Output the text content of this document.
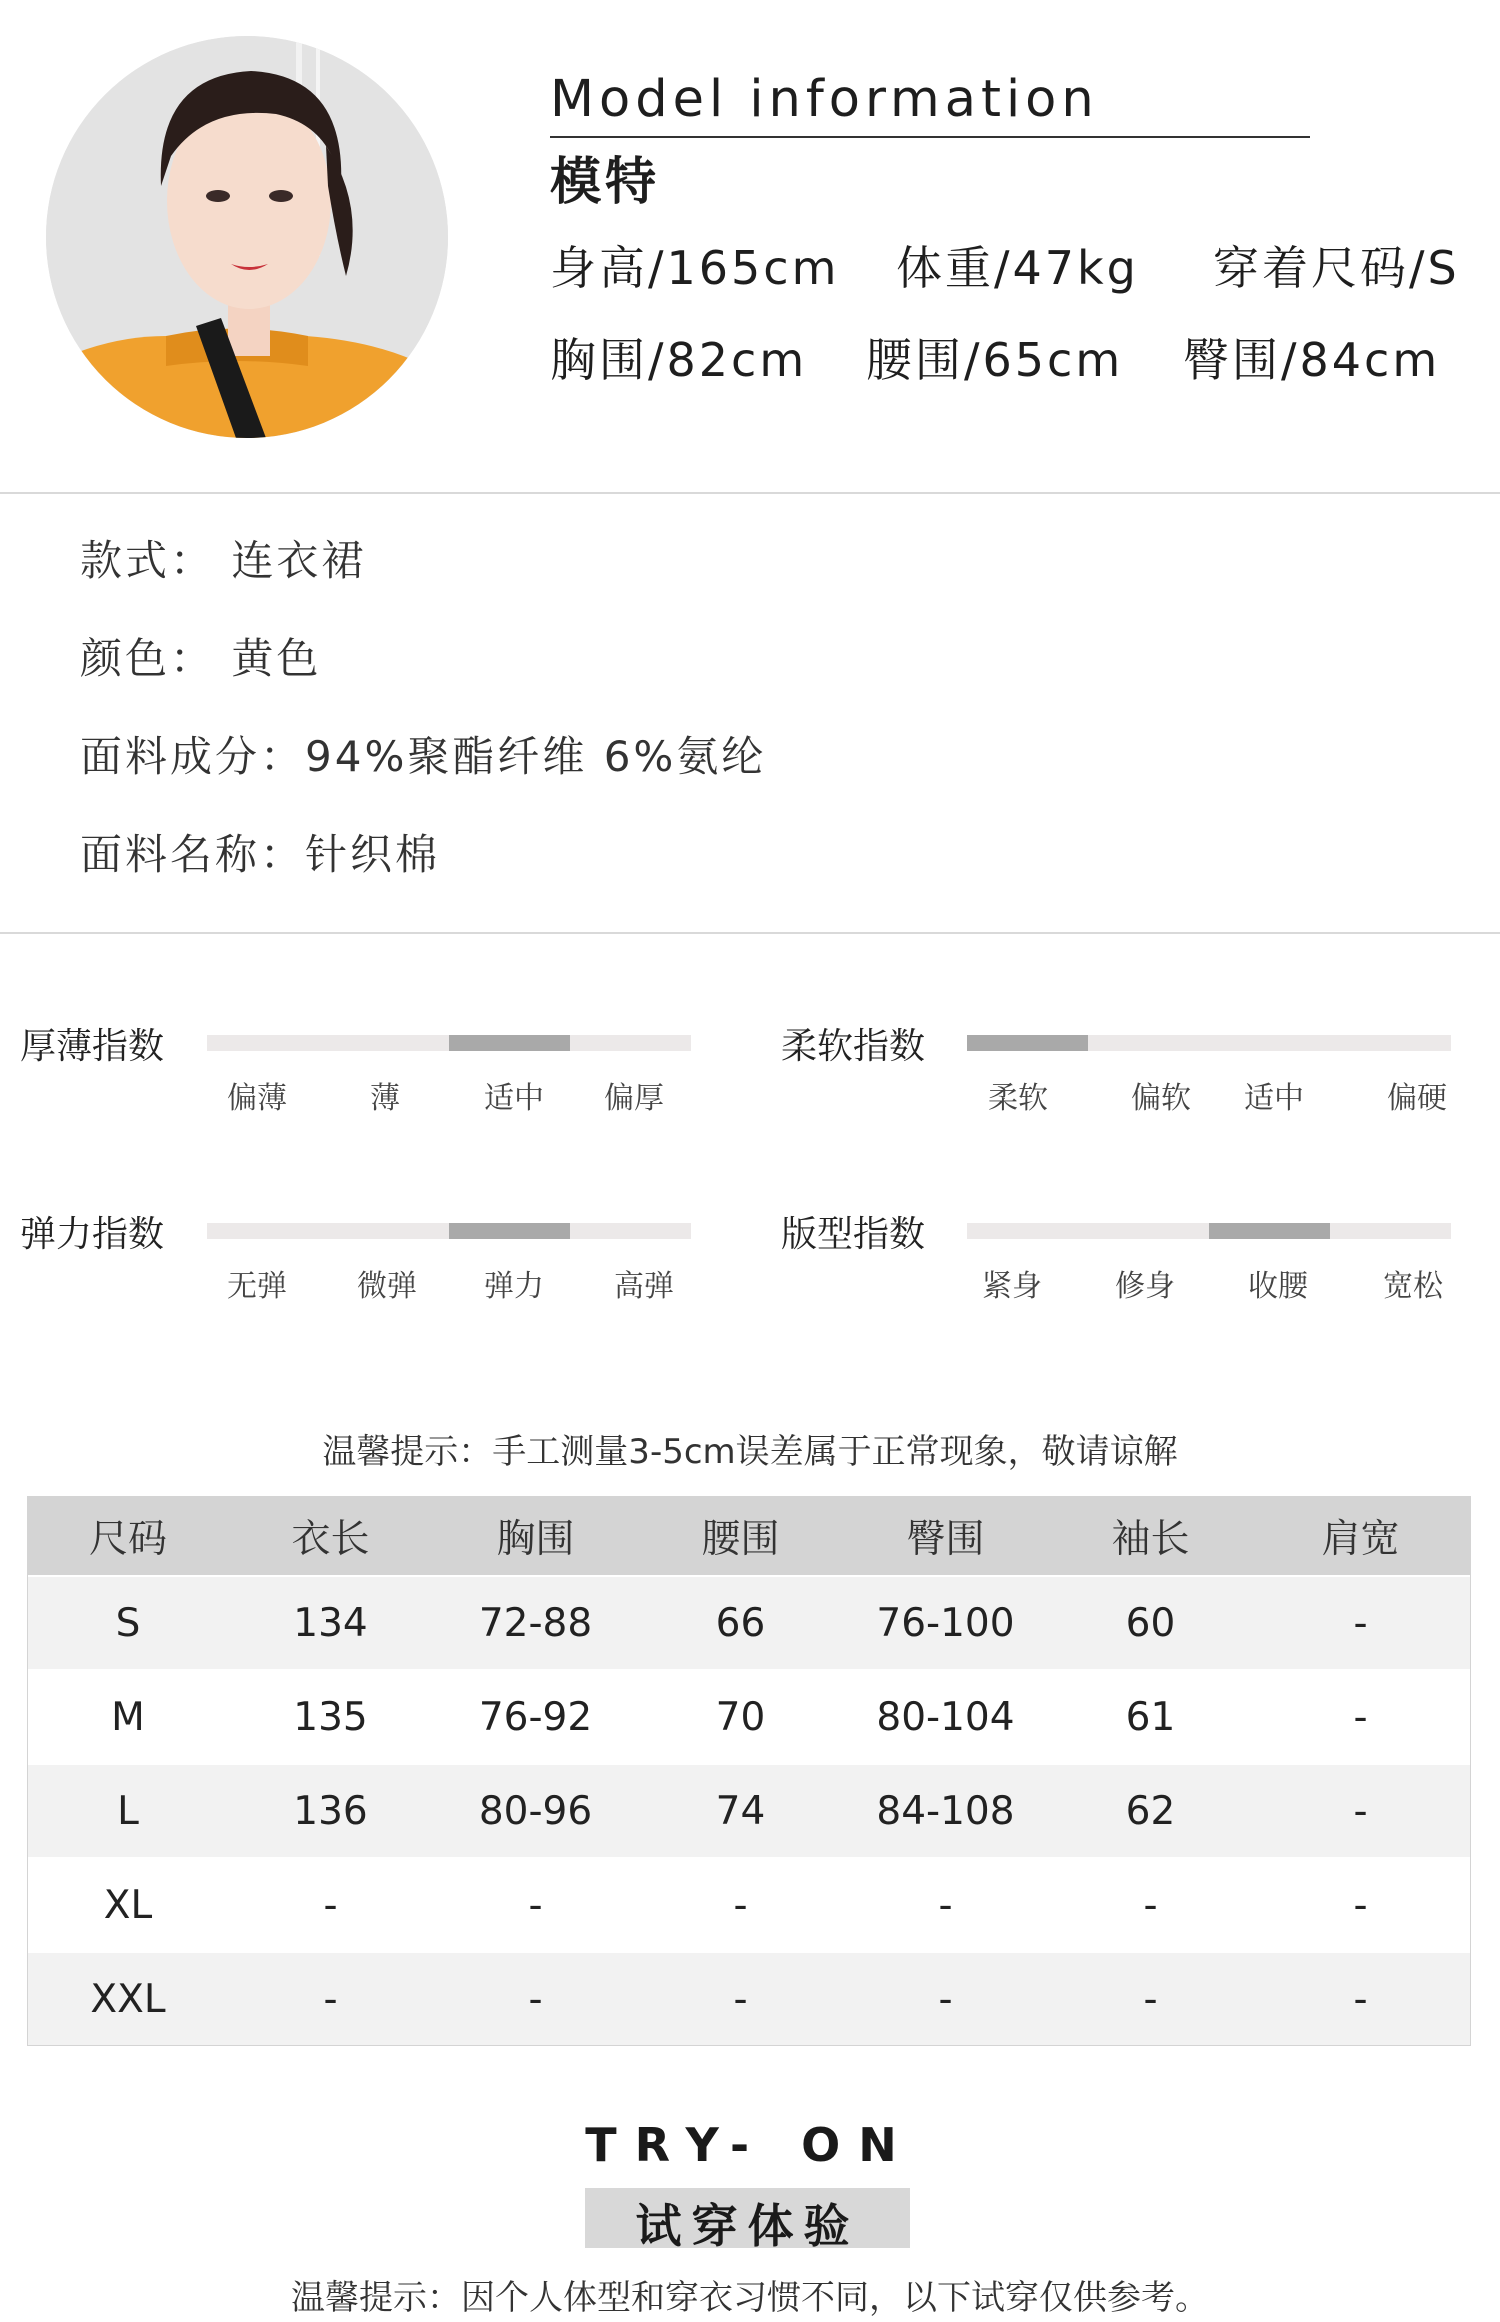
Model information
模特
身高/165cm 体重/47kg 穿着尺码/S
胸围/82cm 腰围/65cm 臀围/84cm
款式： 连衣裙
颜色： 黄色
面料成分：94%聚酯纤维 6%氨纶
面料名称：针织棉
厚薄指数
偏薄	薄	适中 偏厚
柔软指数
柔软	偏软 适中	偏硬
弹力指数
无弹 微弹 弹力 高弹
版型指数
紧身 修身 收腰	宽松
温馨提示：手工测量3-5cm误差属于正常现象，敬请谅解
尺码	衣长	胸围	腰围	臀围	袖长	肩宽
S	134	72-88	66	76-100	60	-
M	135	76-92	70	80-104	61	-
L	136	80-96	74	84-108	62	-
XL	-	-	-	-	-	-
XXL	-	-	-	-	-	-
TRY- ON
试穿体验
温馨提示：因个人体型和穿衣习惯不同，以下试穿仅供参考。
